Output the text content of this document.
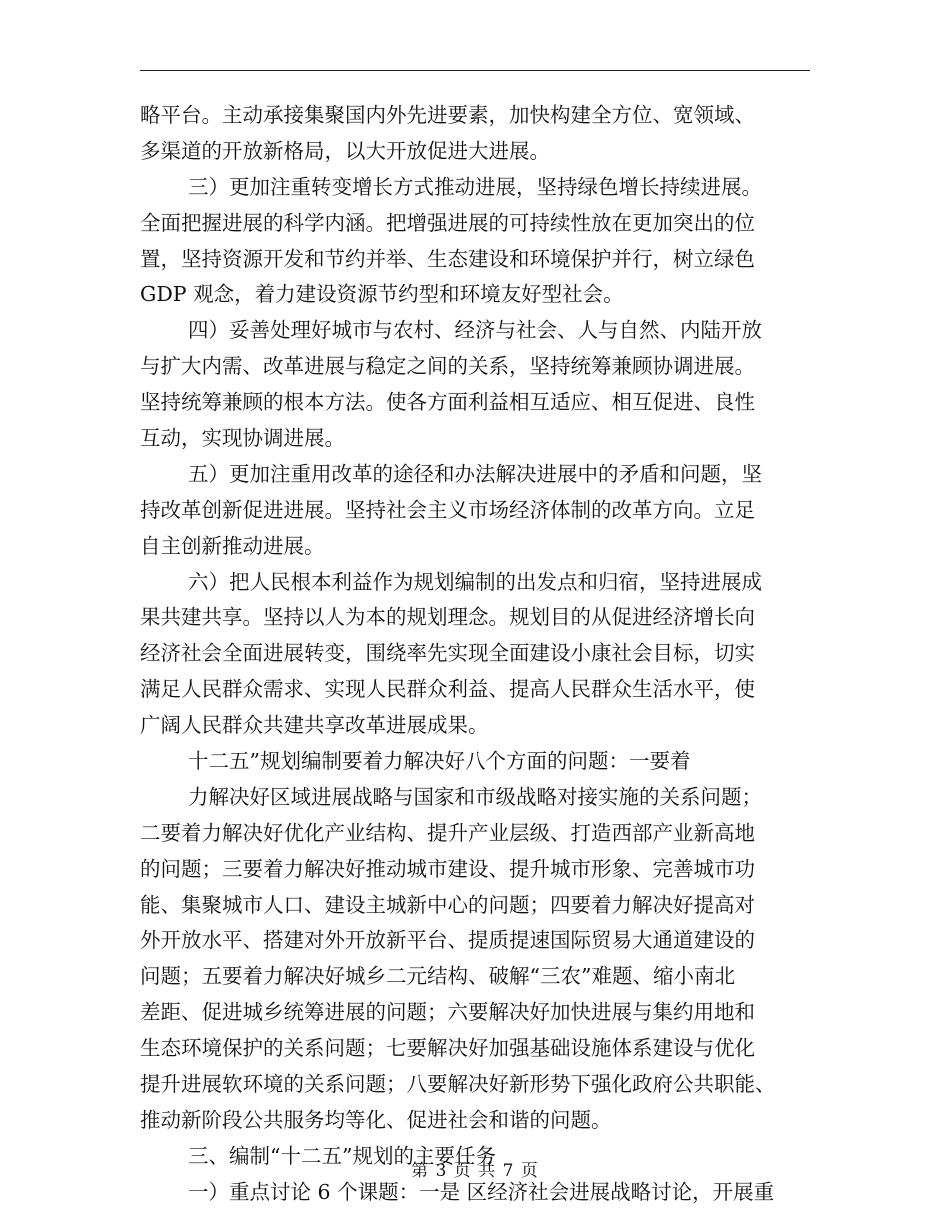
略平台。主动承接集聚国内外先进要素，加快构建全方位、宽领域、
多渠道的开放新格局，以大开放促进大进展。
三）更加注重转变增长方式推动进展，坚持绿色增长持续进展。
全面把握进展的科学内涵。把增强进展的可持续性放在更加突出的位
置，坚持资源开发和节约并举、生态建设和环境保护并行，树立绿色
GDP 观念，着力建设资源节约型和环境友好型社会。
四）妥善处理好城市与农村、经济与社会、人与自然、内陆开放
与扩大内需、改革进展与稳定之间的关系，坚持统筹兼顾协调进展。
坚持统筹兼顾的根本方法。使各方面利益相互适应、相互促进、良性
互动，实现协调进展。
五）更加注重用改革的途径和办法解决进展中的矛盾和问题，坚
持改革创新促进进展。坚持社会主义市场经济体制的改革方向。立足
自主创新推动进展。
六）把人民根本利益作为规划编制的出发点和归宿，坚持进展成
果共建共享。坚持以人为本的规划理念。规划目的从促进经济增长向
经济社会全面进展转变，围绕率先实现全面建设小康社会目标，切实
满足人民群众需求、实现人民群众利益、提高人民群众生活水平，使
广阔人民群众共建共享改革进展成果。
十二五”规划编制要着力解决好八个方面的问题：一要着
力解决好区域进展战略与国家和市级战略对接实施的关系问题；
二要着力解决好优化产业结构、提升产业层级、打造西部产业新高地
的问题；三要着力解决好推动城市建设、提升城市形象、完善城市功
能、集聚城市人口、建设主城新中心的问题；四要着力解决好提高对
外开放水平、搭建对外开放新平台、提质提速国际贸易大通道建设的
问题；五要着力解决好城乡二元结构、破解“三农”难题、缩小南北
差距、促进城乡统筹进展的问题；六要解决好加快进展与集约用地和
生态环境保护的关系问题；七要解决好加强基础设施体系建设与优化
提升进展软环境的关系问题；八要解决好新形势下强化政府公共职能、
推动新阶段公共服务均等化、促进社会和谐的问题。
三、编制“十二五”规划的主要任务
一）重点讨论 6 个课题：一是 区经济社会进展战略讨论，开展重
第 3 页 共 7 页
